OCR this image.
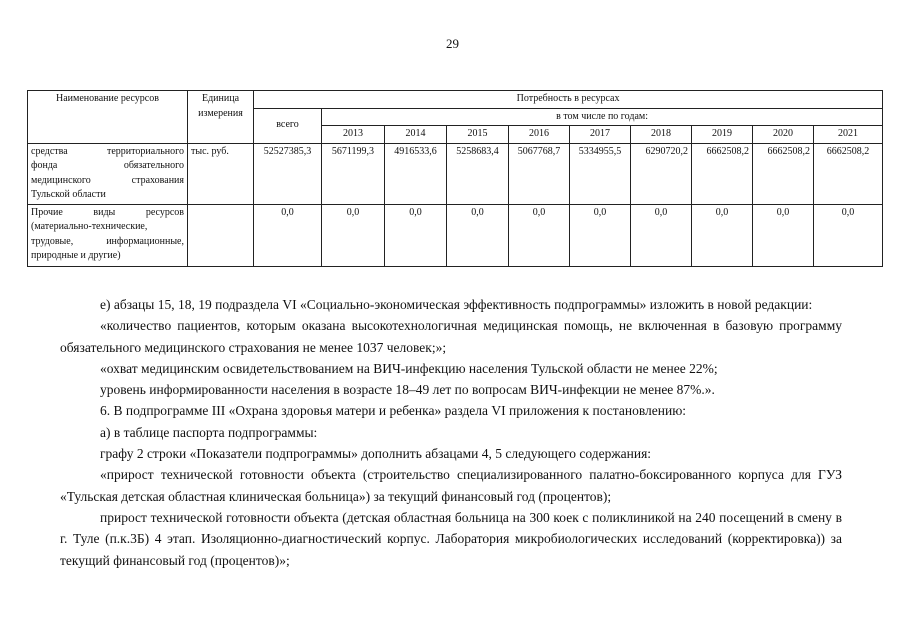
29
Наименование ресурсов	Единица измерения	Потребность в ресурсах									
		всего	в том числе по годам:								
			2013	2014	2015	2016	2017	2018	2019	2020	2021

средства территориального
фонда обязательного
медицинского страхования
Тульской области	тыс. руб.	52527385,3	5671199,3	4916533,6	5258683,4	5067768,7	5334955,5	6290720,2	6662508,2	6662508,2	6662508,2

Прочие виды ресурсов
(материально-технические,
трудовые, информационные,
природные и другие)		0,0	0,0	0,0	0,0	0,0	0,0	0,0	0,0	0,0	0,0

е) абзацы 15, 18, 19 подраздела VI «Социально-экономическая эффективность подпрограммы» изложить в новой редакции:

«количество пациентов, которым оказана высокотехнологичная медицинская помощь, не включенная в базовую программу обязательного медицинского страхования не менее 1037 человек;»;

«охват медицинским освидетельствованием на ВИЧ-инфекцию населения Тульской области не менее 22%;

уровень информированности населения в возрасте 18–49 лет по вопросам ВИЧ-инфекции не менее 87%.».

6. В подпрограмме III «Охрана здоровья матери и ребенка» раздела VI приложения к постановлению:

а) в таблице паспорта подпрограммы:

графу 2 строки «Показатели подпрограммы» дополнить абзацами 4, 5 следующего содержания:

«прирост технической готовности объекта (строительство специализированного палатно-боксированного корпуса для ГУЗ «Тульская детская областная клиническая больница») за текущий финансовый год (процентов);

прирост технической готовности объекта (детская областная больница на 300 коек с поликлиникой на 240 посещений в смену в г. Туле (п.к.3Б) 4 этап. Изоляционно-диагностический корпус. Лаборатория микробиологических исследований (корректировка)) за текущий финансовый год (процентов)»;
